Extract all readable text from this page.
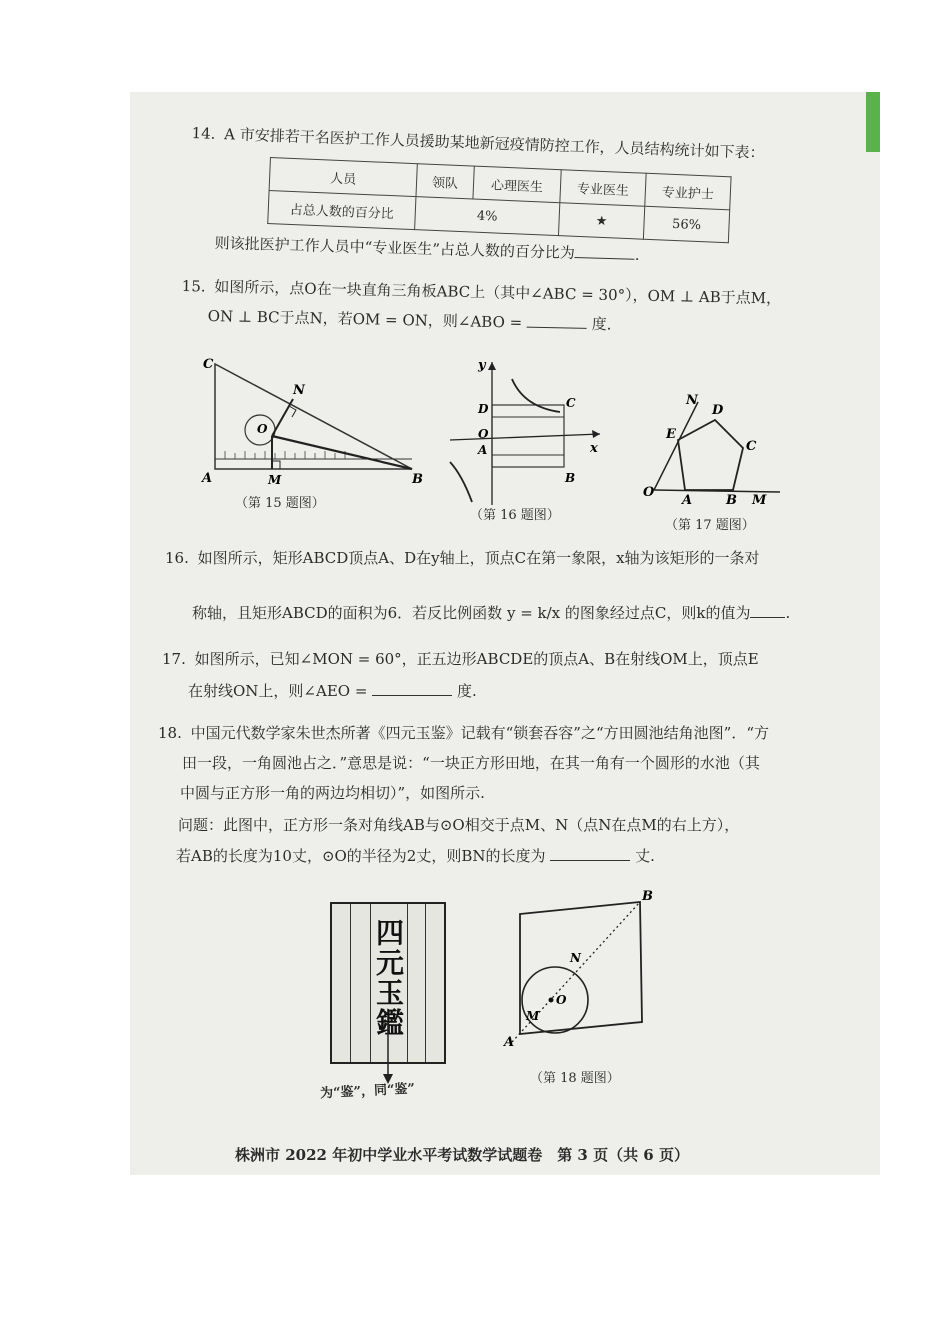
14. A 市安排若干名医护工作人员援助某地新冠疫情防控工作，人员结构统计如下表：
人员	领队	心理医生	专业医生	专业护士
占总人数的百分比	4%		★	56%
则该批医护工作人员中“专业医生”占总人数的百分比为	.
15. 如图所示，点O在一块直角三角板ABC上（其中∠ABC = 30°），OM ⊥ AB于点M，
ON ⊥ BC于点N，若OM = ON，则∠ABO =	度.
C
N
O
A	M	B
（第 15 题图）
y
x
D	C
O
A
B
（第 16 题图）
N
D
E
C
O
A	B M
（第 17 题图）
16. 如图所示，矩形ABCD顶点A、D在y轴上，顶点C在第一象限，x轴为该矩形的一条对
称轴，且矩形ABCD的面积为6．若反比例函数 y = k/x 的图象经过点C，则k的值为 .
17. 如图所示，已知∠MON = 60°，正五边形ABCDE的顶点A、B在射线OM上，顶点E
在射线ON上，则∠AEO =	度.
18. 中国元代数学家朱世杰所著《四元玉鉴》记载有“锁套吞容”之“方田圆池结角池图”．“方
田一段，一角圆池占之．”意思是说：“一块正方形田地，在其一角有一个圆形的水池（其
中圆与正方形一角的两边均相切）”，如图所示.
问题：此图中，正方形一条对角线AB与⊙O相交于点M、N（点N在点M的右上方），
若AB的长度为10丈，⊙O的半径为2丈，则BN的长度为	丈.
四元玉鑑
为“鉴”，同“鉴”
B
N
O
M
A
（第 18 题图）
株洲市 2022 年初中学业水平考试数学试题卷　第 3 页（共 6 页）
